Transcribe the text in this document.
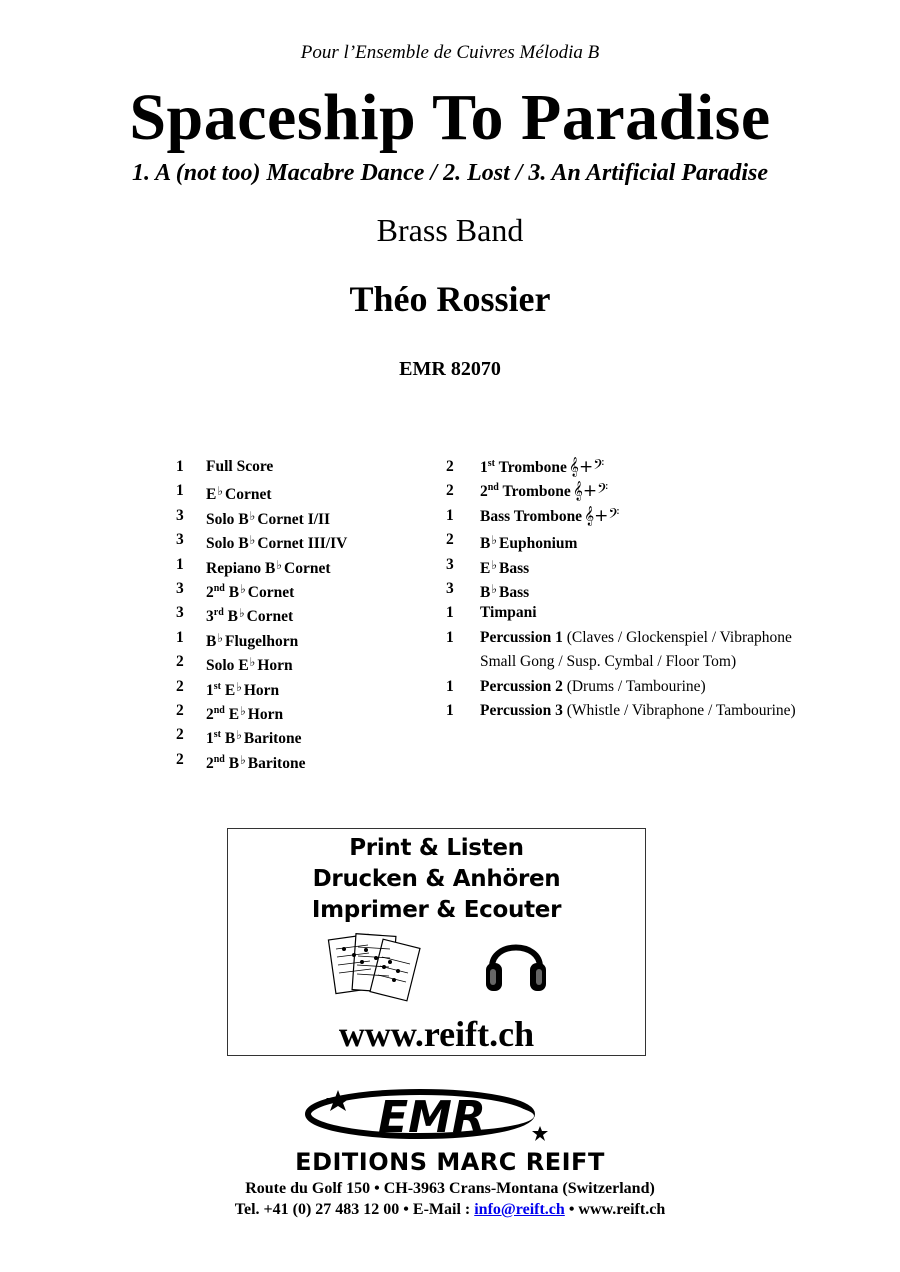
Pour l’Ensemble de Cuivres Mélodia B
Spaceship To Paradise
1. A (not too) Macabre Dance / 2. Lost / 3. An Artificial Paradise
Brass Band
Théo Rossier
EMR 82070
1 Full Score
1 E♭ Cornet
3 Solo B♭ Cornet I/II
3 Solo B♭ Cornet III/IV
1 Repiano B♭ Cornet
3 2nd B♭ Cornet
3 3rd B♭ Cornet
1 B♭ Flugelhorn
2 Solo E♭ Horn
2 1st E♭ Horn
2 2nd E♭ Horn
2 1st B♭ Baritone
2 2nd B♭ Baritone
2 1st Trombone 𝄞+𝄢
2 2nd Trombone 𝄞+𝄢
1 Bass Trombone 𝄞+𝄢
2 B♭ Euphonium
3 E♭ Bass
3 B♭ Bass
1 Timpani
1 Percussion 1 (Claves / Glockenspiel / Vibraphone
Small Gong / Susp. Cymbal / Floor Tom)
1 Percussion 2 (Drums / Tambourine)
1 Percussion 3 (Whistle / Vibraphone / Tambourine)
Print & Listen
Drucken & Anhören
Imprimer & Ecouter
www.reift.ch
EMR
EDITIONS MARC REIFT
Route du Golf 150 • CH-3963 Crans-Montana (Switzerland)
Tel. +41 (0) 27 483 12 00 • E-Mail : info@reift.ch • www.reift.ch
